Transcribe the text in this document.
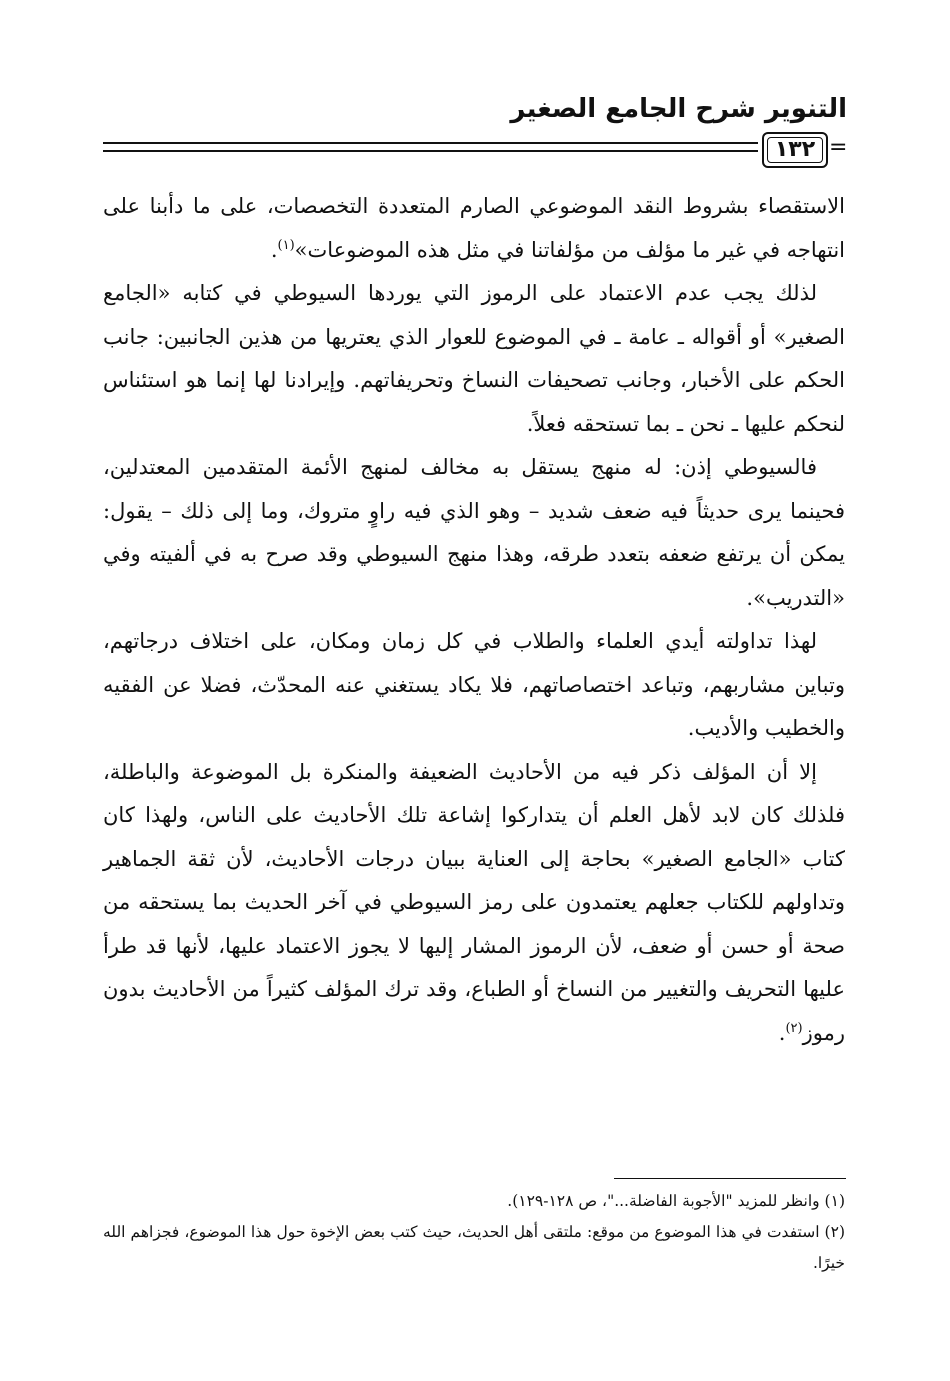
التنوير شرح الجامع الصغير
١٣٢ =

الاستقصاء بشروط النقد الموضوعي الصارم المتعددة التخصصات، على ما دأبنا على انتهاجه في غير ما مؤلف من مؤلفاتنا في مثل هذه الموضوعات»$^{(١)}$.

لذلك يجب عدم الاعتماد على الرموز التي يوردها السيوطي في كتابه «الجامع الصغير» أو أقواله ـ عامة ـ في الموضوع للعوار الذي يعتريها من هذين الجانبين: جانب الحكم على الأخبار، وجانب تصحيفات النساخ وتحريفاتهم. وإيرادنا لها إنما هو استئناس لنحكم عليها ـ نحن ـ بما تستحقه فعلاً.

فالسيوطي إذن: له منهج يستقل به مخالف لمنهج الأئمة المتقدمين المعتدلين، فحينما يرى حديثاً فيه ضعف شديد – وهو الذي فيه راوٍ متروك، وما إلى ذلك – يقول: يمكن أن يرتفع ضعفه بتعدد طرقه، وهذا منهج السيوطي وقد صرح به في ألفيته وفي «التدريب».

لهذا تداولته أيدي العلماء والطلاب في كل زمان ومكان، على اختلاف درجاتهم، وتباين مشاربهم، وتباعد اختصاصاتهم، فلا يكاد يستغني عنه المحدّث، فضلا عن الفقيه والخطيب والأديب.

إلا أن المؤلف ذكر فيه من الأحاديث الضعيفة والمنكرة بل الموضوعة والباطلة، فلذلك كان لابد لأهل العلم أن يتداركوا إشاعة تلك الأحاديث على الناس، ولهذا كان كتاب «الجامع الصغير» بحاجة إلى العناية ببيان درجات الأحاديث، لأن ثقة الجماهير وتداولهم للكتاب جعلهم يعتمدون على رمز السيوطي في آخر الحديث بما يستحقه من صحة أو حسن أو ضعف، لأن الرموز المشار إليها لا يجوز الاعتماد عليها، لأنها قد طرأ عليها التحريف والتغيير من النساخ أو الطباع، وقد ترك المؤلف كثيراً من الأحاديث بدون رموز$^{(٢)}$.

(١) وانظر للمزيد "الأجوبة الفاضلة..."، ص ١٢٨-١٢٩).

(٢) استفدت في هذا الموضوع من موقع: ملتقى أهل الحديث، حيث كتب بعض الإخوة حول هذا الموضوع، فجزاهم الله خيرًا.
